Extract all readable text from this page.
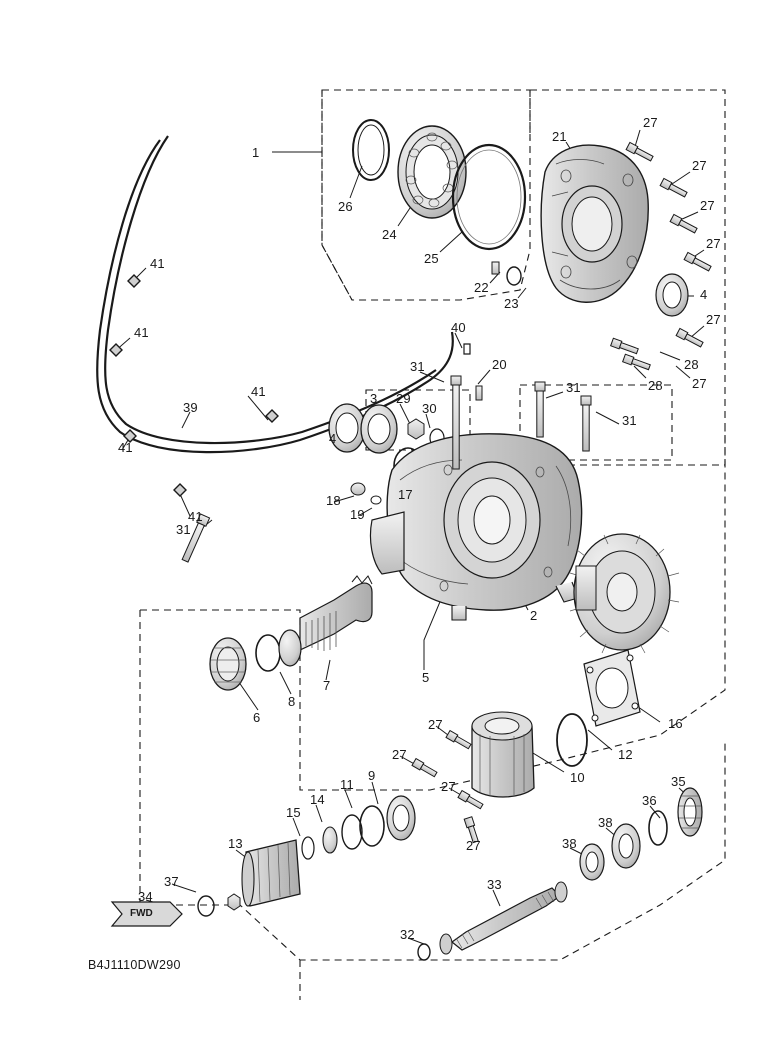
1
26
24
25
22
23
21
27
27
27
27
4
27
28
28 27
41
41
41
39
41
41
31
40
20
31
31
31
3 29
30
4
17
18
19
2
5
7
8
6	16
12
10
27
27
27
27
11
9
14
15
13
37
34
33
32
38
38
36
35
FWD
B4J1110DW290
